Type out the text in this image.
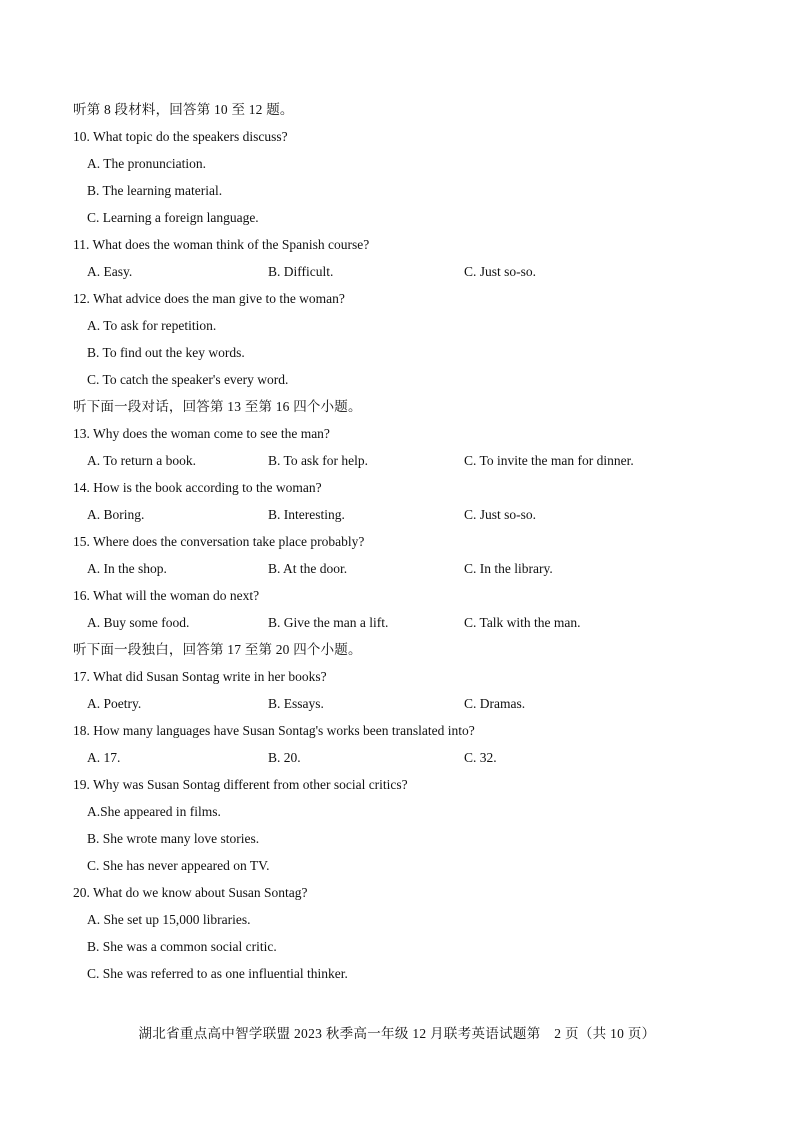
听第 8 段材料，回答第 10 至 12 题。
10. What topic do the speakers discuss?
A. The pronunciation.
B. The learning material.
C. Learning a foreign language.
11. What does the woman think of the Spanish course?
A. Easy.	B. Difficult.	C. Just so-so.
12. What advice does the man give to the woman?
A. To ask for repetition.
B. To find out the key words.
C. To catch the speaker's every word.
听下面一段对话，回答第 13 至第 16 四个小题。
13. Why does the woman come to see the man?
A. To return a book.	B. To ask for help.	C. To invite the man for dinner.
14. How is the book according to the woman?
A. Boring.	B. Interesting.	C. Just so-so.
15. Where does the conversation take place probably?
A. In the shop.	B. At the door.	C. In the library.
16. What will the woman do next?
A. Buy some food.	B. Give the man a lift.	C. Talk with the man.
听下面一段独白，回答第 17 至第 20 四个小题。
17. What did Susan Sontag write in her books?
A. Poetry.	B. Essays.	C. Dramas.
18. How many languages have Susan Sontag's works been translated into?
A. 17.	B. 20.	C. 32.
19. Why was Susan Sontag different from other social critics?
A.She appeared in films.
B. She wrote many love stories.
C. She has never appeared on TV.
20. What do we know about Susan Sontag?
A. She set up 15,000 libraries.
B. She was a common social critic.
C. She was referred to as one influential thinker.
湖北省重点高中智学联盟 2023 秋季高一年级 12 月联考英语试题第　2 页（共 10 页）
